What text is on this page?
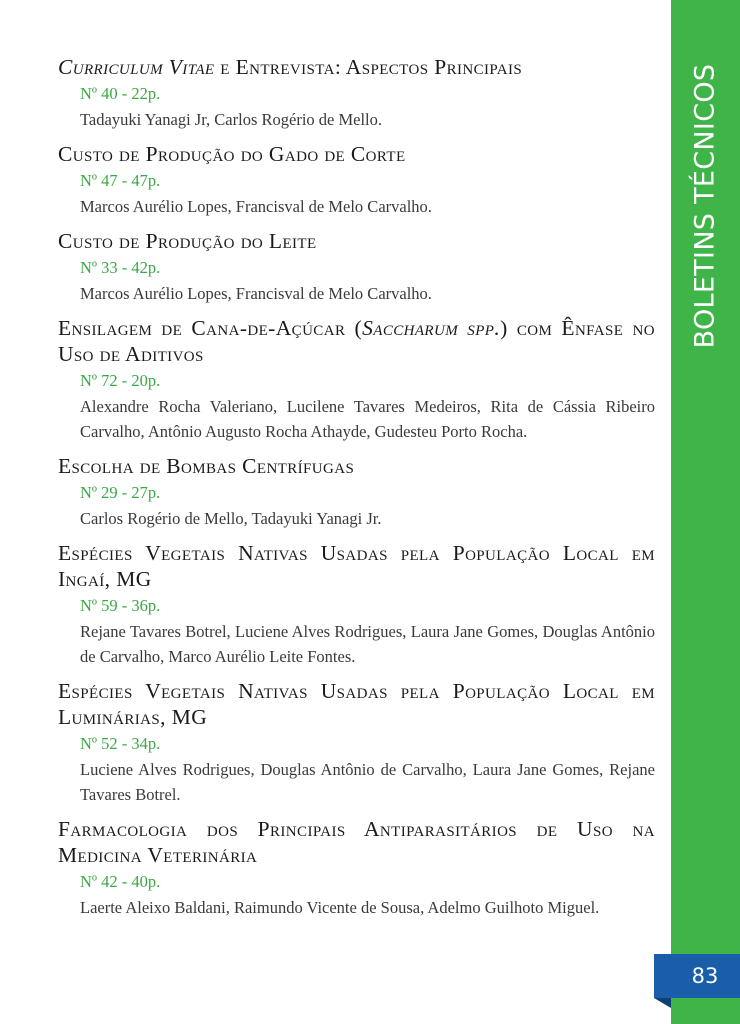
BOLETINS TÉCNICOS
83
Curriculum Vitae e Entrevista: Aspectos Principais
Nº 40 - 22p.
Tadayuki Yanagi Jr, Carlos Rogério de Mello.
Custo de Produção do Gado de Corte
Nº 47 - 47p.
Marcos Aurélio Lopes, Francisval de Melo Carvalho.
Custo de Produção do Leite
Nº 33 - 42p.
Marcos Aurélio Lopes, Francisval de Melo Carvalho.
Ensilagem de Cana-de-Açúcar (Saccharum spp.) com Ênfase no Uso de Aditivos
Nº 72 - 20p.
Alexandre Rocha Valeriano, Lucilene Tavares Medeiros, Rita de Cássia Ribeiro Carvalho, Antônio Augusto Rocha Athayde, Gudesteu Porto Rocha.
Escolha de Bombas Centrífugas
Nº 29 - 27p.
Carlos Rogério de Mello, Tadayuki Yanagi Jr.
Espécies Vegetais Nativas Usadas pela População Local em Ingaí, MG
Nº 59 - 36p.
Rejane Tavares Botrel, Luciene Alves Rodrigues, Laura Jane Gomes, Douglas Antônio de Carvalho, Marco Aurélio Leite Fontes.
Espécies Vegetais Nativas Usadas pela População Local em Luminárias, MG
Nº 52 - 34p.
Luciene Alves Rodrigues, Douglas Antônio de Carvalho, Laura Jane Gomes, Rejane Tavares Botrel.
Farmacologia dos Principais Antiparasitários de Uso na Medicina Veterinária
Nº 42 - 40p.
Laerte Aleixo Baldani, Raimundo Vicente de Sousa, Adelmo Guilhoto Miguel.
